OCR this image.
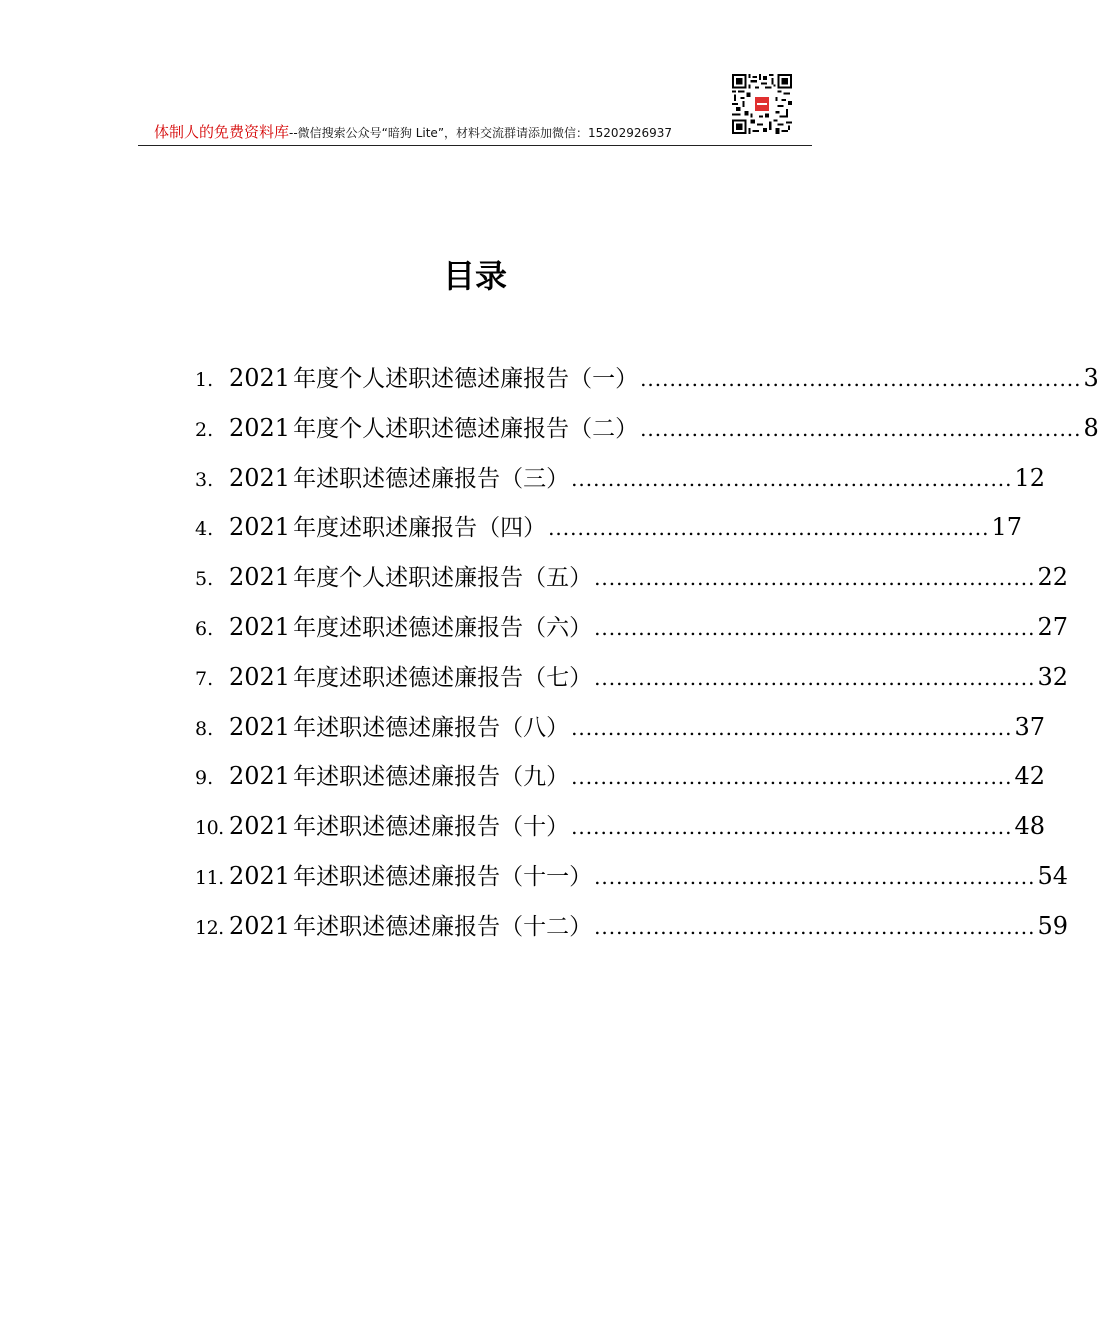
体制人的免费资料库--微信搜索公众号“暗狗 Lite”，材料交流群请添加微信：15202926937
目录
1. 2021 年度个人述职述德述廉报告（一） ............................................................ 3
2. 2021 年度个人述职述德述廉报告（二） ............................................................ 8
3. 2021 年述职述德述廉报告（三） ............................................................ 12
4. 2021 年度述职述廉报告（四） ............................................................ 17
5. 2021 年度个人述职述廉报告（五） ............................................................ 22
6. 2021 年度述职述德述廉报告（六） ............................................................ 27
7. 2021 年度述职述德述廉报告（七） ............................................................ 32
8. 2021 年述职述德述廉报告（八） ............................................................ 37
9. 2021 年述职述德述廉报告（九） ............................................................ 42
10. 2021 年述职述德述廉报告（十） ............................................................ 48
11. 2021 年述职述德述廉报告（十一） ............................................................ 54
12. 2021 年述职述德述廉报告（十二） ............................................................ 59
